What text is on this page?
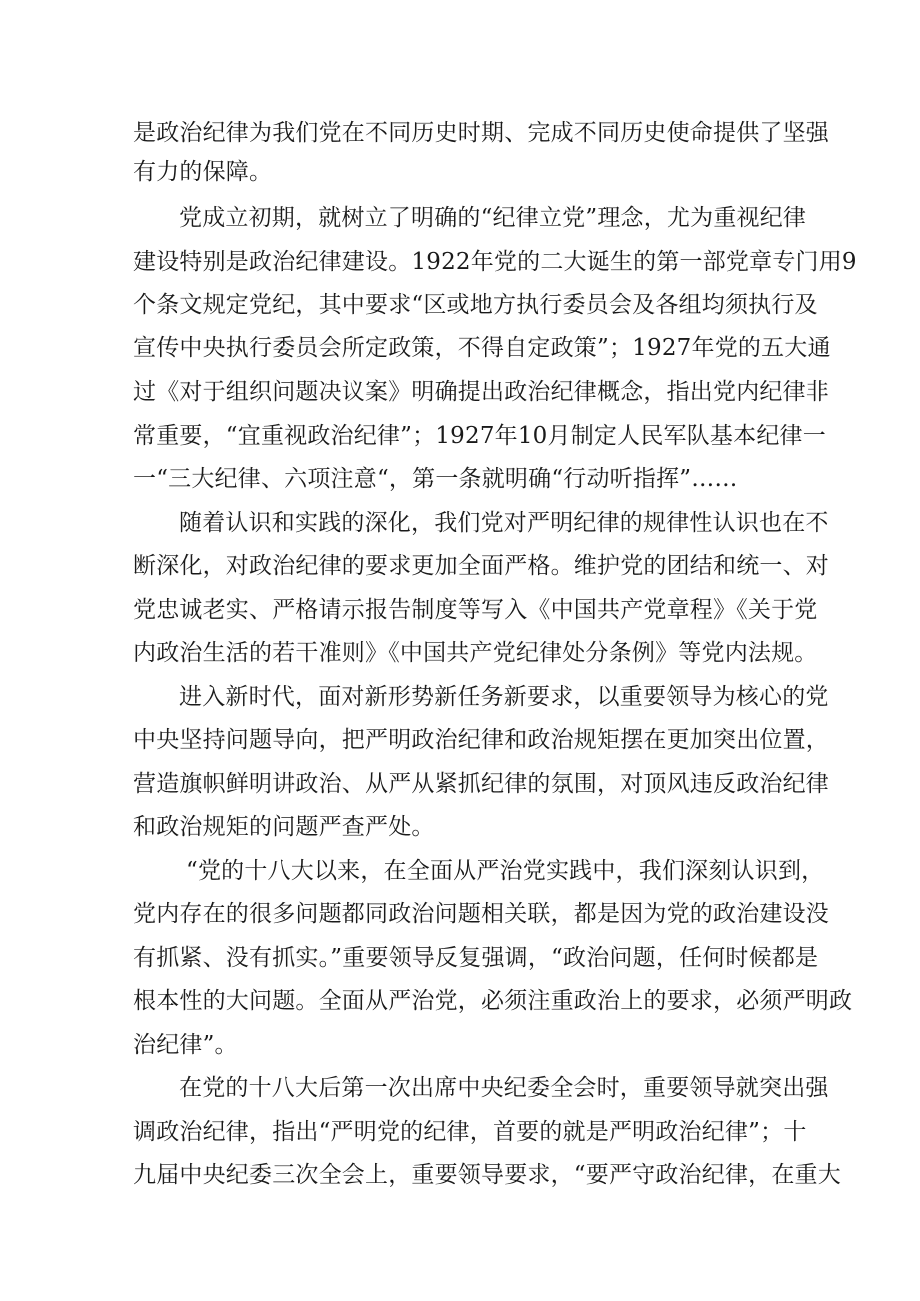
是政治纪律为我们党在不同历史时期、完成不同历史使命提供了坚强
有力的保障。
党成立初期，就树立了明确的“纪律立党”理念，尤为重视纪律
建设特别是政治纪律建设。1922年党的二大诞生的第一部党章专门用9
个条文规定党纪，其中要求“区或地方执行委员会及各组均须执行及
宣传中央执行委员会所定政策，不得自定政策”；1927年党的五大通
过《对于组织问题决议案》明确提出政治纪律概念，指出党内纪律非
常重要，“宜重视政治纪律”；1927年10月制定人民军队基本纪律一
一“三大纪律、六项注意“，第一条就明确“行动听指挥”……
随着认识和实践的深化，我们党对严明纪律的规律性认识也在不
断深化，对政治纪律的要求更加全面严格。维护党的团结和统一、对
党忠诚老实、严格请示报告制度等写入《中国共产党章程》《关于党
内政治生活的若干准则》《中国共产党纪律处分条例》等党内法规。
进入新时代，面对新形势新任务新要求，以重要领导为核心的党
中央坚持问题导向，把严明政治纪律和政治规矩摆在更加突出位置，
营造旗帜鲜明讲政治、从严从紧抓纪律的氛围，对顶风违反政治纪律
和政治规矩的问题严查严处。
“党的十八大以来，在全面从严治党实践中，我们深刻认识到，
党内存在的很多问题都同政治问题相关联，都是因为党的政治建设没
有抓紧、没有抓实。”重要领导反复强调，“政治问题，任何时候都是
根本性的大问题。全面从严治党，必须注重政治上的要求，必须严明政
治纪律”。
在党的十八大后第一次出席中央纪委全会时，重要领导就突出强
调政治纪律，指出“严明党的纪律，首要的就是严明政治纪律”；十
九届中央纪委三次全会上，重要领导要求，“要严守政治纪律，在重大
